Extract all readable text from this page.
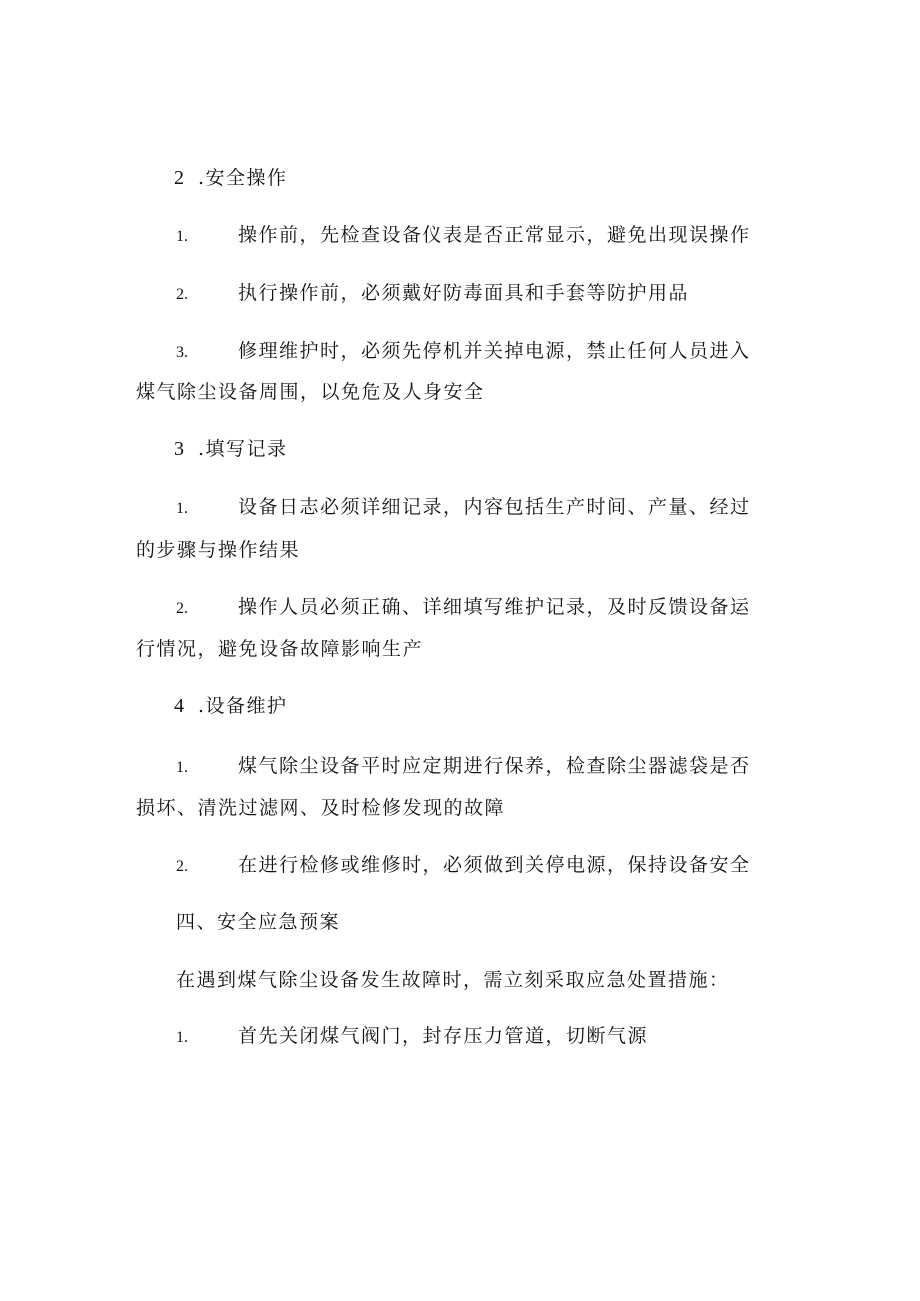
2 .安全操作
1.	操作前，先检查设备仪表是否正常显示，避免出现误操作
2.	执行操作前，必须戴好防毒面具和手套等防护用品
3.	修理维护时，必须先停机并关掉电源，禁止任何人员进入
煤气除尘设备周围，以免危及人身安全
3 .填写记录
1.	设备日志必须详细记录，内容包括生产时间、产量、经过
的步骤与操作结果
2.	操作人员必须正确、详细填写维护记录，及时反馈设备运
行情况，避免设备故障影响生产
4 .设备维护
1.	煤气除尘设备平时应定期进行保养，检查除尘器滤袋是否
损坏、清洗过滤网、及时检修发现的故障
2.	在进行检修或维修时，必须做到关停电源，保持设备安全
四、安全应急预案
在遇到煤气除尘设备发生故障时，需立刻采取应急处置措施：
1.	首先关闭煤气阀门，封存压力管道，切断气源
